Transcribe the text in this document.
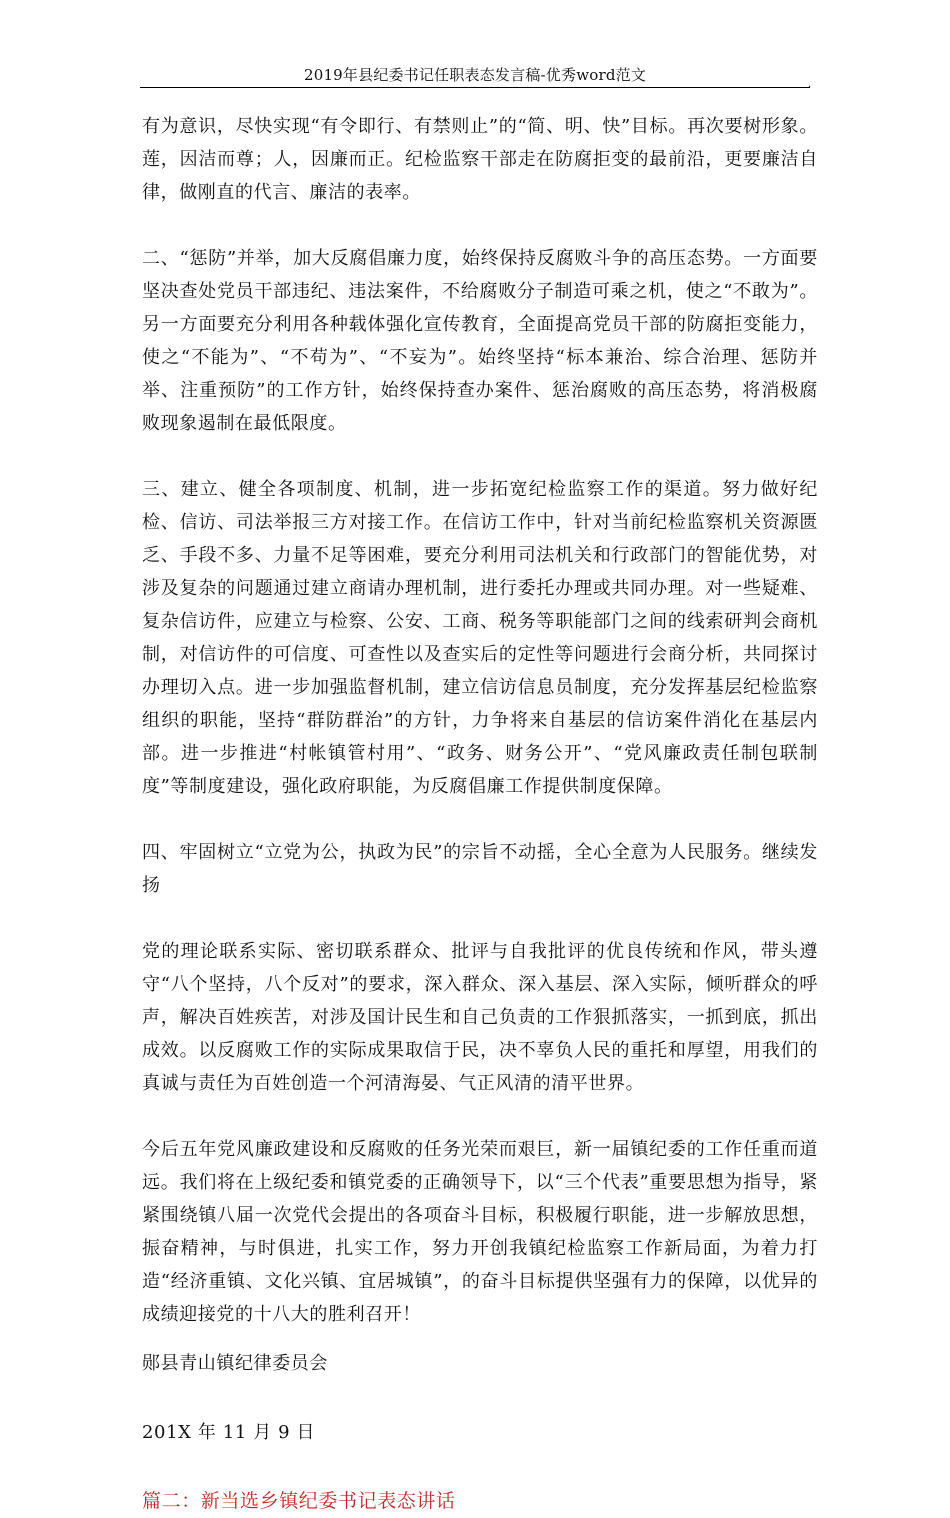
2019年县纪委书记任职表态发言稿-优秀word范文
.

有为意识，尽快实现“有令即行、有禁则止”的“简、明、快”目标。再次要树形象。莲，因洁而尊；人，因廉而正。纪检监察干部走在防腐拒变的最前沿，更要廉洁自律，做刚直的代言、廉洁的表率。

二、“惩防”并举，加大反腐倡廉力度，始终保持反腐败斗争的高压态势。一方面要坚决查处党员干部违纪、违法案件，不给腐败分子制造可乘之机，使之“不敢为”。另一方面要充分利用各种载体强化宣传教育，全面提高党员干部的防腐拒变能力，使之“不能为”、“不苟为”、“不妄为”。始终坚持“标本兼治、综合治理、惩防并举、注重预防”的工作方针，始终保持查办案件、惩治腐败的高压态势，将消极腐败现象遏制在最低限度。

三、建立、健全各项制度、机制，进一步拓宽纪检监察工作的渠道。努力做好纪检、信访、司法举报三方对接工作。在信访工作中，针对当前纪检监察机关资源匮乏、手段不多、力量不足等困难，要充分利用司法机关和行政部门的智能优势，对涉及复杂的问题通过建立商请办理机制，进行委托办理或共同办理。对一些疑难、复杂信访件，应建立与检察、公安、工商、税务等职能部门之间的线索研判会商机制，对信访件的可信度、可查性以及查实后的定性等问题进行会商分析，共同探讨办理切入点。进一步加强监督机制，建立信访信息员制度，充分发挥基层纪检监察组织的职能，坚持“群防群治”的方针，力争将来自基层的信访案件消化在基层内部。进一步推进“村帐镇管村用”、“政务、财务公开”、“党风廉政责任制包联制度”等制度建设，强化政府职能，为反腐倡廉工作提供制度保障。

四、牢固树立“立党为公，执政为民”的宗旨不动摇，全心全意为人民服务。继续发扬

党的理论联系实际、密切联系群众、批评与自我批评的优良传统和作风，带头遵守“八个坚持，八个反对”的要求，深入群众、深入基层、深入实际，倾听群众的呼声，解决百姓疾苦，对涉及国计民生和自己负责的工作狠抓落实，一抓到底，抓出成效。以反腐败工作的实际成果取信于民，决不辜负人民的重托和厚望，用我们的真诚与责任为百姓创造一个河清海晏、气正风清的清平世界。

今后五年党风廉政建设和反腐败的任务光荣而艰巨，新一届镇纪委的工作任重而道远。我们将在上级纪委和镇党委的正确领导下，以“三个代表”重要思想为指导，紧紧围绕镇八届一次党代会提出的各项奋斗目标，积极履行职能，进一步解放思想，振奋精神，与时俱进，扎实工作，努力开创我镇纪检监察工作新局面，为着力打造“经济重镇、文化兴镇、宜居城镇”，的奋斗目标提供坚强有力的保障，以优异的成绩迎接党的十八大的胜利召开！

郧县青山镇纪律委员会

201X 年 11 月 9 日

篇二：新当选乡镇纪委书记表态讲话
